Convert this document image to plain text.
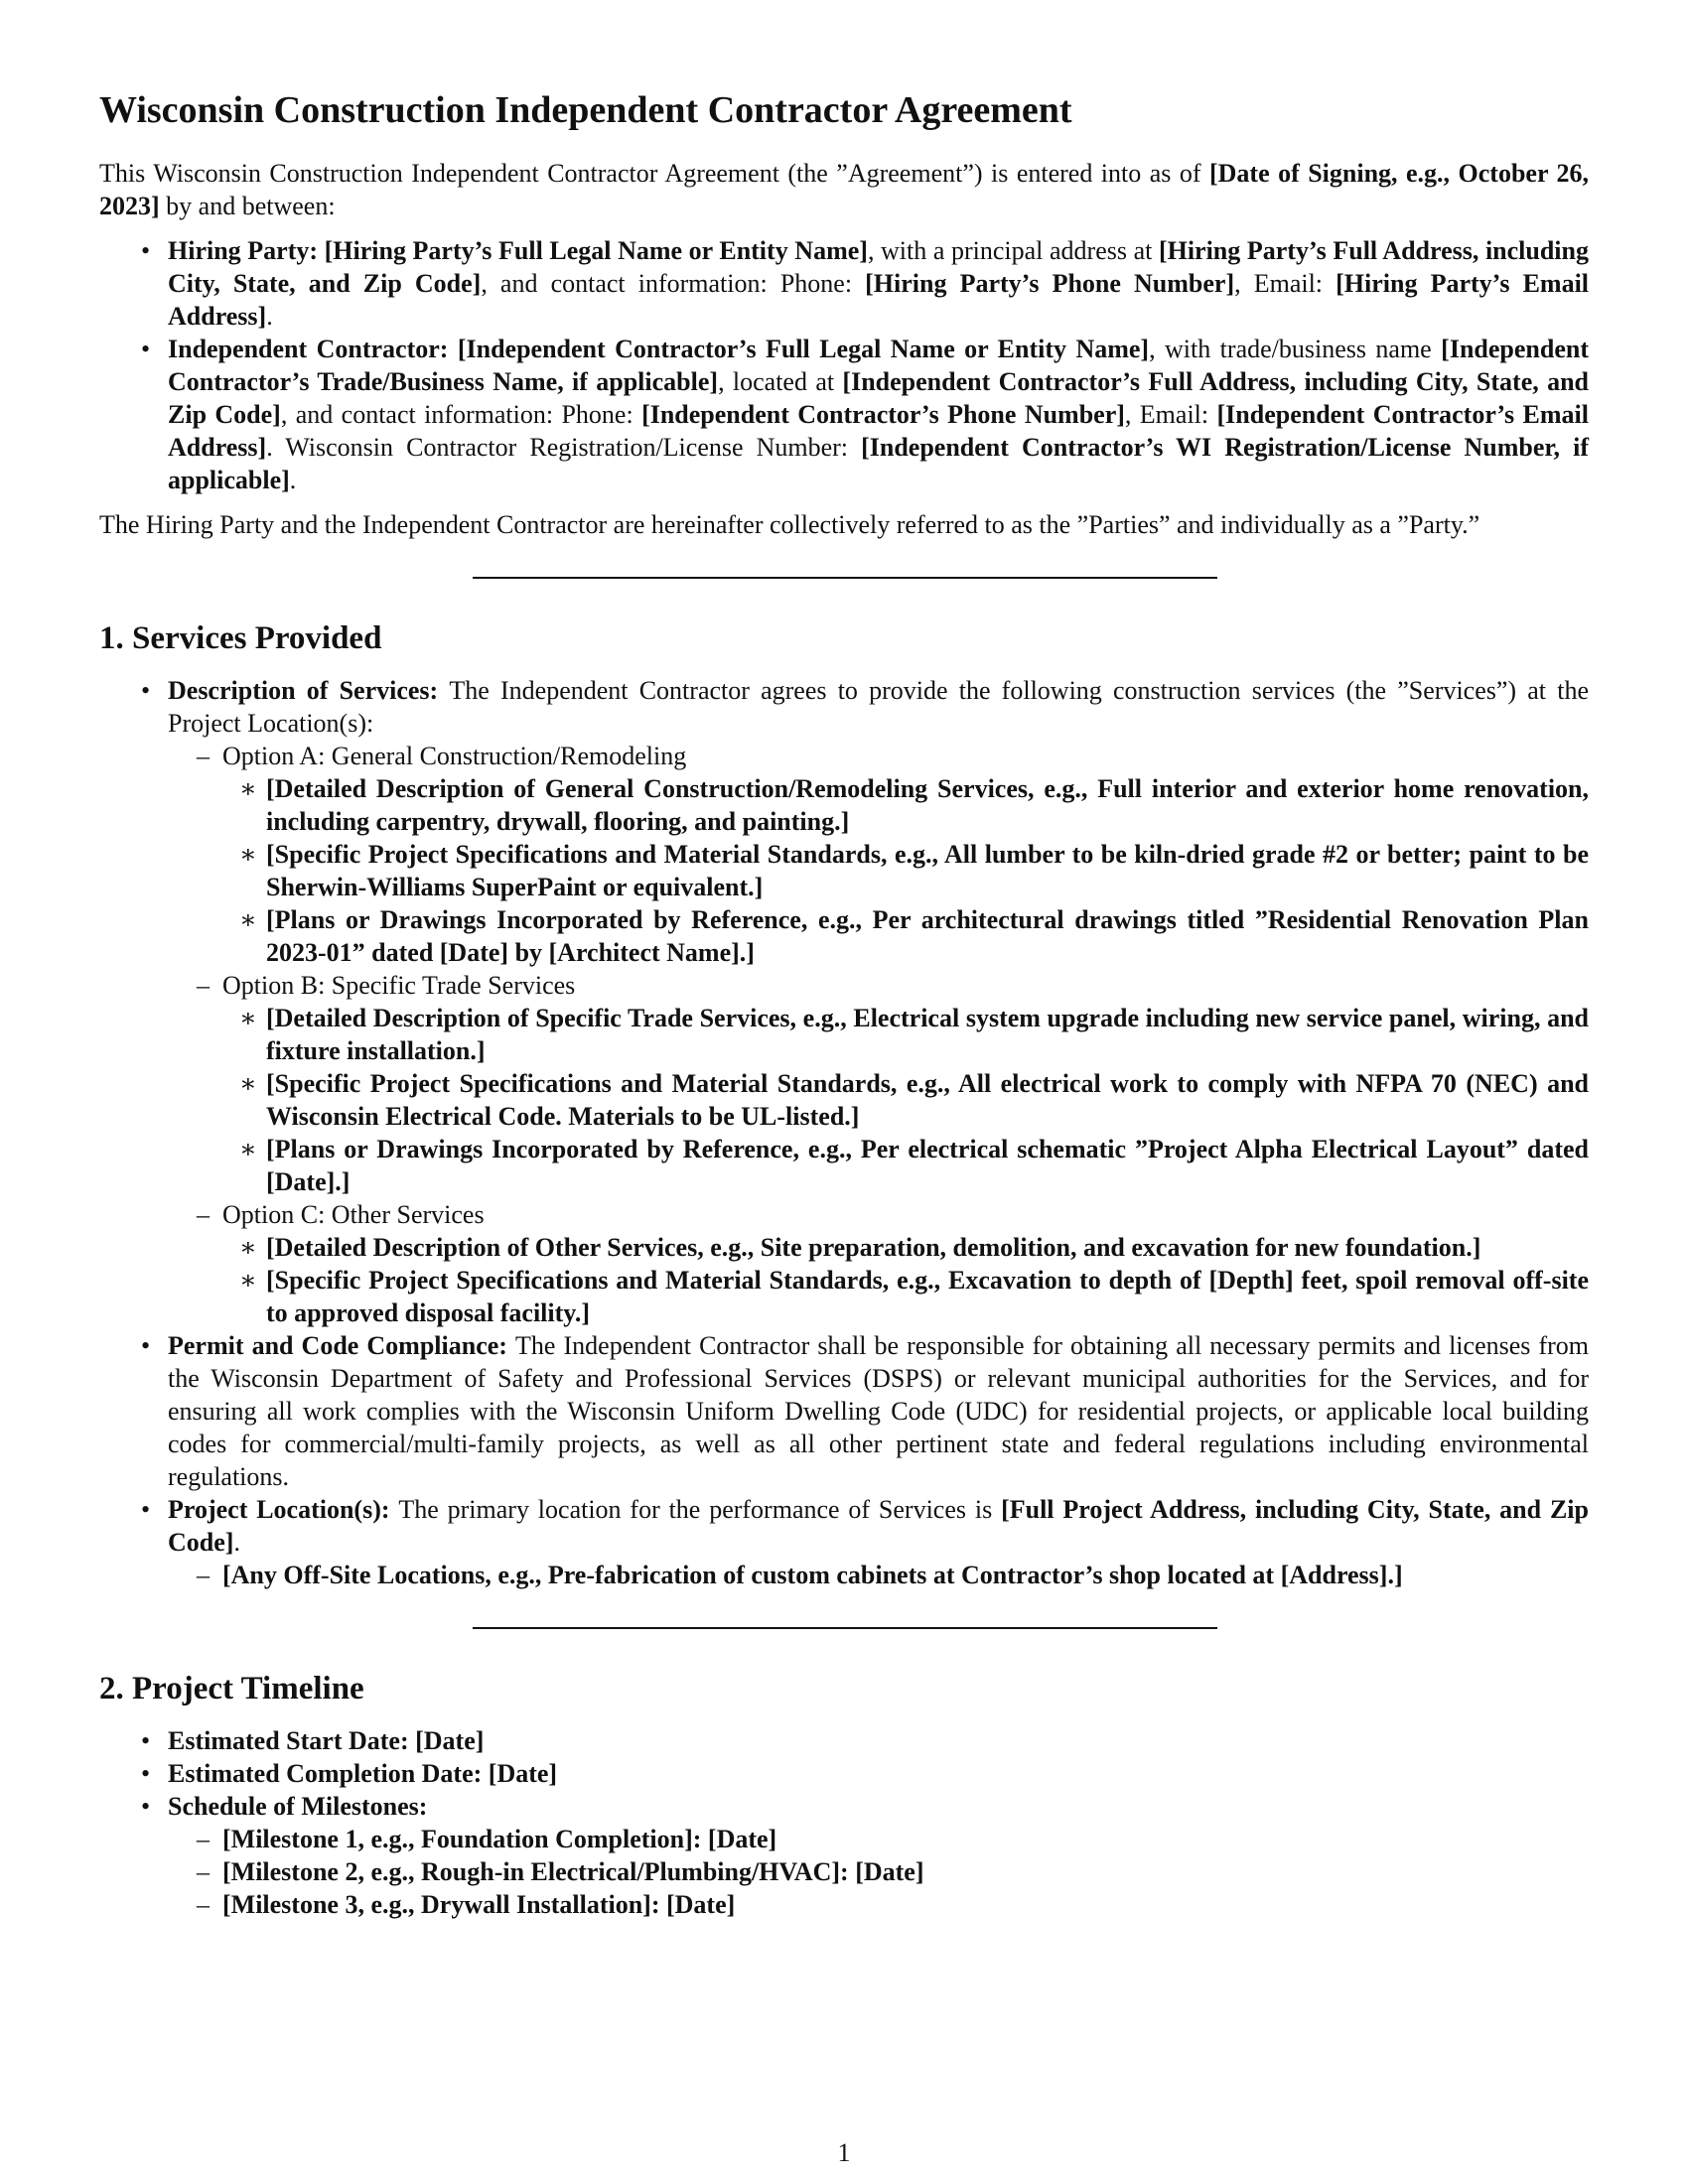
Wisconsin Construction Independent Contractor Agreement

This Wisconsin Construction Independent Contractor Agreement (the ”Agreement”) is entered into as of [Date of Signing, e.g., October 26, 2023] by and between:

• Hiring Party: [Hiring Party’s Full Legal Name or Entity Name], with a principal address at [Hiring Party’s Full Address, including City, State, and Zip Code], and contact information: Phone: [Hiring Party’s Phone Number], Email: [Hiring Party’s Email Address].
• Independent Contractor: [Independent Contractor’s Full Legal Name or Entity Name], with trade/business name [Independent Contractor’s Trade/Business Name, if applicable], located at [Independent Contractor’s Full Address, including City, State, and Zip Code], and contact information: Phone: [Independent Contractor’s Phone Number], Email: [Independent Contractor’s Email Address]. Wisconsin Contractor Registration/License Number: [Independent Contractor’s WI Registration/License Number, if applicable].

The Hiring Party and the Independent Contractor are hereinafter collectively referred to as the ”Parties” and individually as a ”Party.”

1. Services Provided
• Description of Services: The Independent Contractor agrees to provide the following construction services (the ”Services”) at the Project Location(s):
– Option A: General Construction/Remodeling
∗ [Detailed Description of General Construction/Remodeling Services, e.g., Full interior and exterior home renovation, including carpentry, drywall, flooring, and painting.]
∗ [Specific Project Specifications and Material Standards, e.g., All lumber to be kiln-dried grade #2 or better; paint to be Sherwin-Williams SuperPaint or equivalent.]
∗ [Plans or Drawings Incorporated by Reference, e.g., Per architectural drawings titled ”Residential Renovation Plan 2023-01” dated [Date] by [Architect Name].]
– Option B: Specific Trade Services
∗ [Detailed Description of Specific Trade Services, e.g., Electrical system upgrade including new service panel, wiring, and fixture installation.]
∗ [Specific Project Specifications and Material Standards, e.g., All electrical work to comply with NFPA 70 (NEC) and Wisconsin Electrical Code. Materials to be UL-listed.]
∗ [Plans or Drawings Incorporated by Reference, e.g., Per electrical schematic ”Project Alpha Electrical Layout” dated [Date].]
– Option C: Other Services
∗ [Detailed Description of Other Services, e.g., Site preparation, demolition, and excavation for new foundation.]
∗ [Specific Project Specifications and Material Standards, e.g., Excavation to depth of [Depth] feet, spoil removal off-site to approved disposal facility.]
• Permit and Code Compliance: The Independent Contractor shall be responsible for obtaining all necessary permits and licenses from the Wisconsin Department of Safety and Professional Services (DSPS) or relevant municipal authorities for the Services, and for ensuring all work complies with the Wisconsin Uniform Dwelling Code (UDC) for residential projects, or applicable local building codes for commercial/multi-family projects, as well as all other pertinent state and federal regulations including environmental regulations.
• Project Location(s): The primary location for the performance of Services is [Full Project Address, including City, State, and Zip Code].
– [Any Off-Site Locations, e.g., Pre-fabrication of custom cabinets at Contractor’s shop located at [Address].]
2. Project Timeline
• Estimated Start Date: [Date]
• Estimated Completion Date: [Date]
• Schedule of Milestones:
– [Milestone 1, e.g., Foundation Completion]: [Date]
– [Milestone 2, e.g., Rough-in Electrical/Plumbing/HVAC]: [Date]
– [Milestone 3, e.g., Drywall Installation]: [Date]
1
